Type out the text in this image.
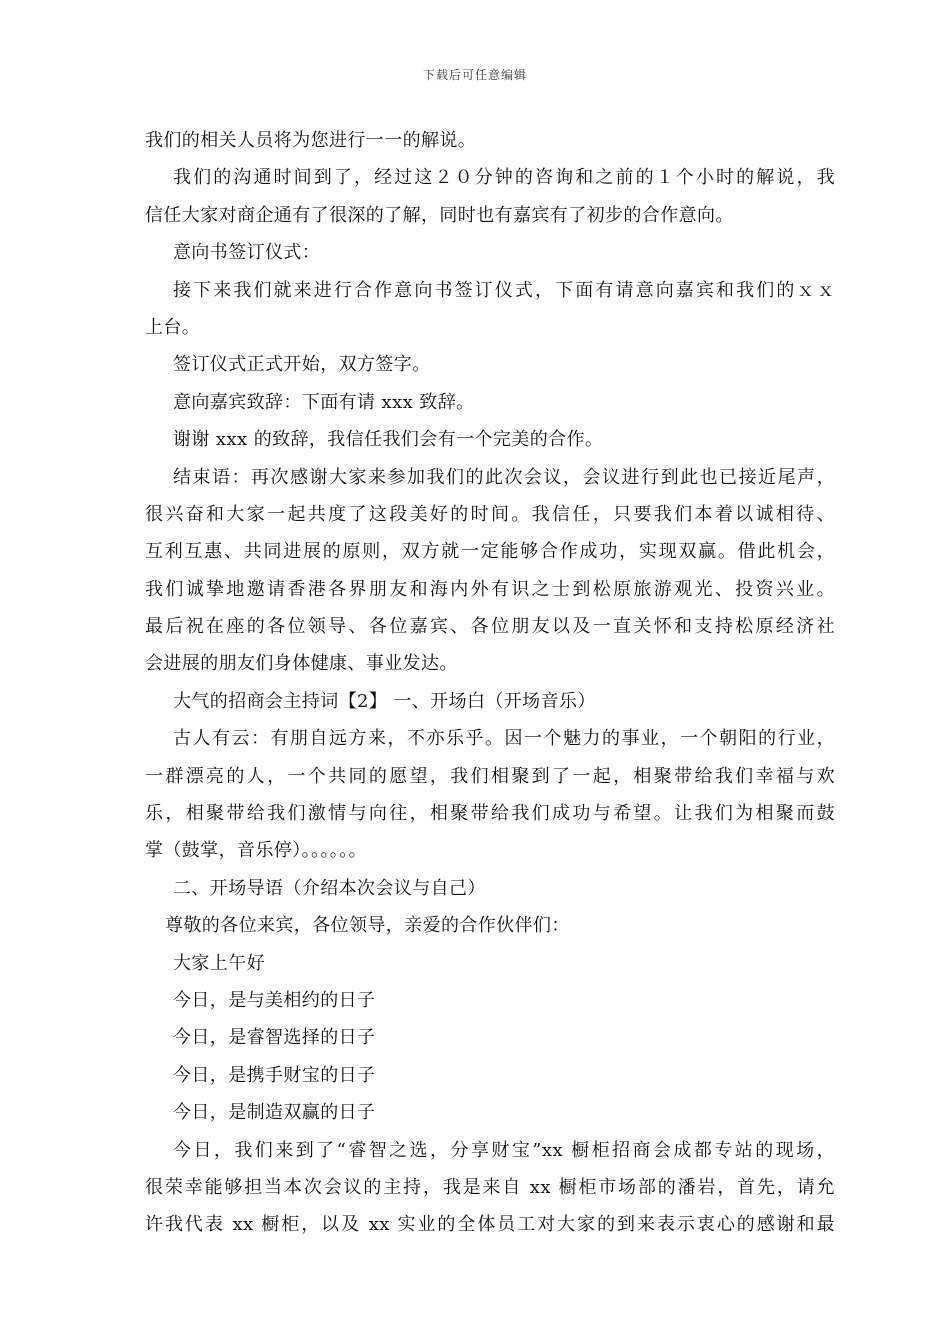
下载后可任意编辑
我们的相关人员将为您进行一一的解说。
我们的沟通时间到了，经过这２０分钟的咨询和之前的１个小时的解说，我
信任大家对商企通有了很深的了解，同时也有嘉宾有了初步的合作意向。
意向书签订仪式：
接下来我们就来进行合作意向书签订仪式，下面有请意向嘉宾和我们的ｘｘ
上台。
签订仪式正式开始，双方签字。
意向嘉宾致辞：下面有请 xxx 致辞。
谢谢 xxx 的致辞，我信任我们会有一个完美的合作。
结束语：再次感谢大家来参加我们的此次会议，会议进行到此也已接近尾声，
很兴奋和大家一起共度了这段美好的时间。我信任，只要我们本着以诚相待、
互利互惠、共同进展的原则，双方就一定能够合作成功，实现双赢。借此机会，
我们诚挚地邀请香港各界朋友和海内外有识之士到松原旅游观光、投资兴业。
最后祝在座的各位领导、各位嘉宾、各位朋友以及一直关怀和支持松原经济社
会进展的朋友们身体健康、事业发达。
大气的招商会主持词【2】 一、开场白（开场音乐）
古人有云：有朋自远方来，不亦乐乎。因一个魅力的事业，一个朝阳的行业，
一群漂亮的人，一个共同的愿望，我们相聚到了一起，相聚带给我们幸福与欢
乐，相聚带给我们激情与向往，相聚带给我们成功与希望。让我们为相聚而鼓
掌（鼓掌，音乐停）。。。。。。
二、开场导语（介绍本次会议与自己）
尊敬的各位来宾，各位领导，亲爱的合作伙伴们：
大家上午好
今日，是与美相约的日子
今日，是睿智选择的日子
今日，是携手财宝的日子
今日，是制造双赢的日子
今日，我们来到了“睿智之选，分享财宝”xx 橱柜招商会成都专站的现场，
很荣幸能够担当本次会议的主持，我是来自 xx 橱柜市场部的潘岩，首先，请允
许我代表 xx 橱柜，以及 xx 实业的全体员工对大家的到来表示衷心的感谢和最
